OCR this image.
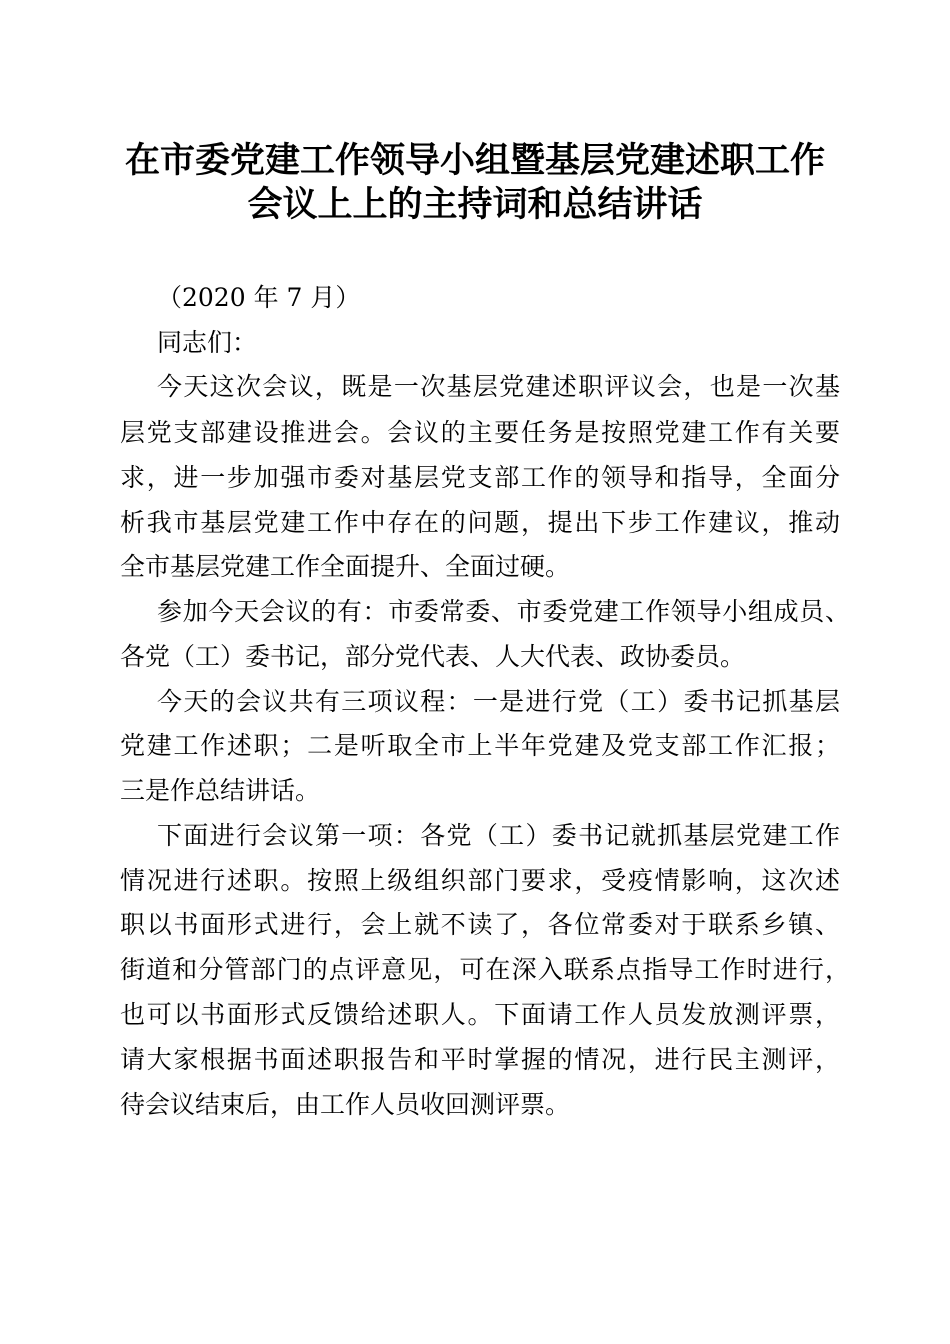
在市委党建工作领导小组暨基层党建述职工作
会议上上的主持词和总结讲话
（2020 年 7 月）
同志们：
今天这次会议，既是一次基层党建述职评议会，也是一次基
层党支部建设推进会。会议的主要任务是按照党建工作有关要
求，进一步加强市委对基层党支部工作的领导和指导，全面分
析我市基层党建工作中存在的问题，提出下步工作建议，推动
全市基层党建工作全面提升、全面过硬。
参加今天会议的有：市委常委、市委党建工作领导小组成员、
各党（工）委书记，部分党代表、人大代表、政协委员。
今天的会议共有三项议程：一是进行党（工）委书记抓基层
党建工作述职；二是听取全市上半年党建及党支部工作汇报；
三是作总结讲话。
下面进行会议第一项：各党（工）委书记就抓基层党建工作
情况进行述职。按照上级组织部门要求，受疫情影响，这次述
职以书面形式进行，会上就不读了，各位常委对于联系乡镇、
街道和分管部门的点评意见，可在深入联系点指导工作时进行，
也可以书面形式反馈给述职人。下面请工作人员发放测评票，
请大家根据书面述职报告和平时掌握的情况，进行民主测评，
待会议结束后，由工作人员收回测评票。
